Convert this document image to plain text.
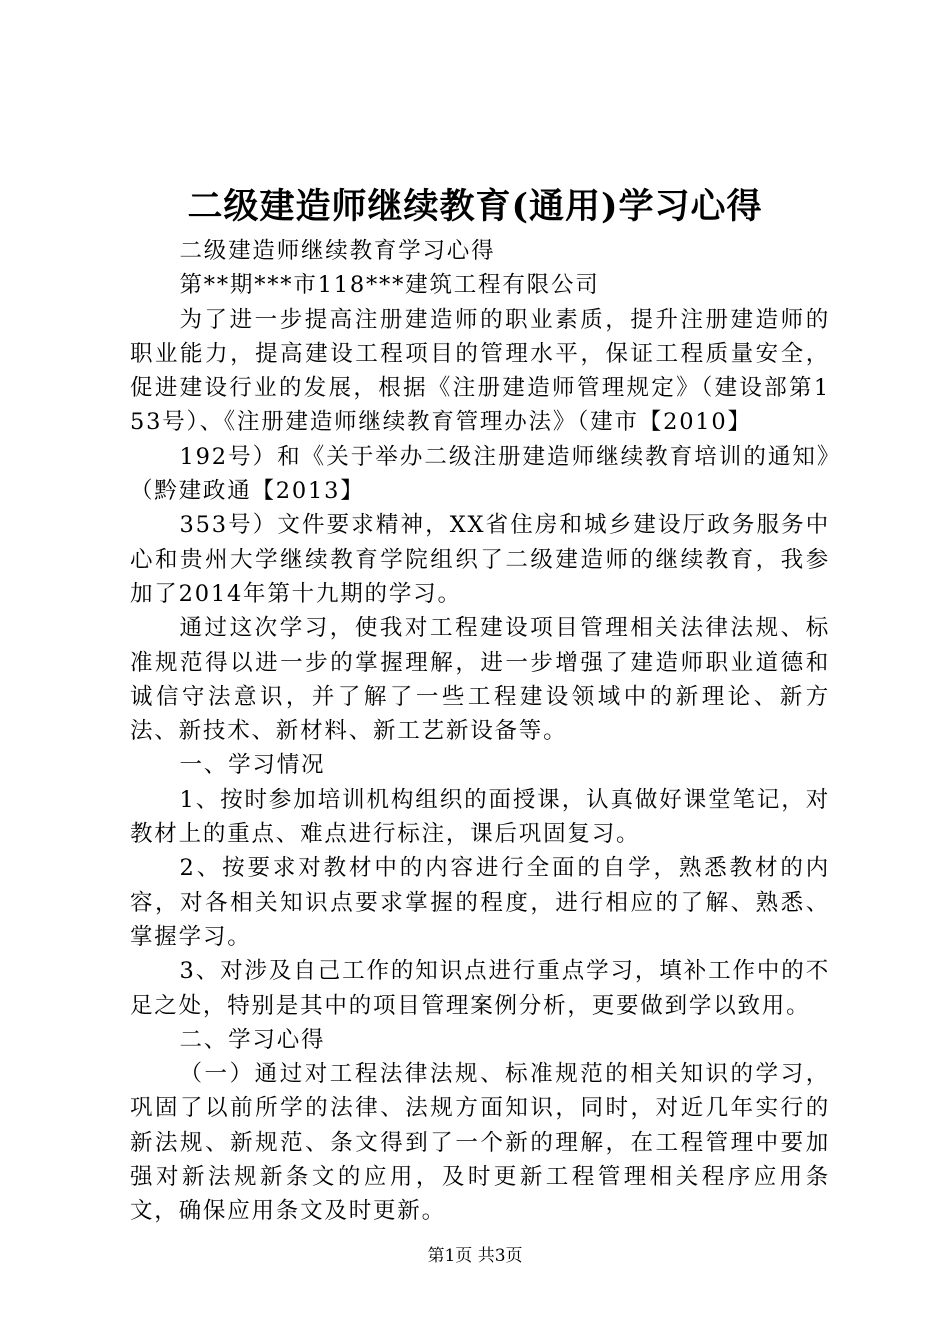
二级建造师继续教育(通用)学习心得

二级建造师继续教育学习心得

第**期***市118***建筑工程有限公司

为了进一步提高注册建造师的职业素质，提升注册建造师的职业能力，提高建设工程项目的管理水平，保证工程质量安全，促进建设行业的发展，根据《注册建造师管理规定》（建设部第153号）、《注册建造师继续教育管理办法》（建市【2010】

192号）和《关于举办二级注册建造师继续教育培训的通知》（黔建政通【2013】

353号）文件要求精神，XX省住房和城乡建设厅政务服务中心和贵州大学继续教育学院组织了二级建造师的继续教育，我参加了2014年第十九期的学习。

通过这次学习，使我对工程建设项目管理相关法律法规、标准规范得以进一步的掌握理解，进一步增强了建造师职业道德和诚信守法意识，并了解了一些工程建设领域中的新理论、新方法、新技术、新材料、新工艺新设备等。

一、学习情况

1、按时参加培训机构组织的面授课，认真做好课堂笔记，对教材上的重点、难点进行标注，课后巩固复习。

2、按要求对教材中的内容进行全面的自学，熟悉教材的内容，对各相关知识点要求掌握的程度，进行相应的了解、熟悉、掌握学习。

3、对涉及自己工作的知识点进行重点学习，填补工作中的不足之处，特别是其中的项目管理案例分析，更要做到学以致用。

二、学习心得

（一）通过对工程法律法规、标准规范的相关知识的学习，巩固了以前所学的法律、法规方面知识，同时，对近几年实行的新法规、新规范、条文得到了一个新的理解，在工程管理中要加强对新法规新条文的应用，及时更新工程管理相关程序应用条文，确保应用条文及时更新。

第1页 共3页
